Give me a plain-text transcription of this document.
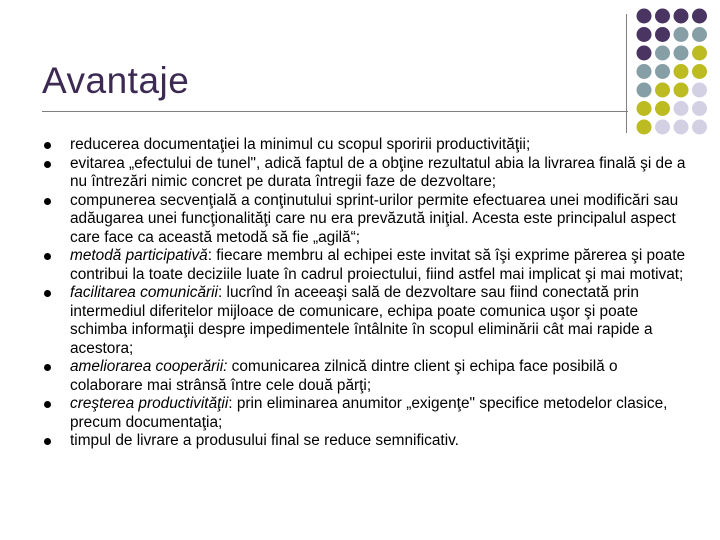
Avantaje
reducerea documentaţiei la minimul cu scopul sporirii productivităţii;
evitarea „efectului de tunel", adică faptul de a obţine rezultatul abia la livrarea finală şi de a nu întrezări nimic concret pe durata întregii faze de dezvoltare;
compunerea secvenţială a conţinutului sprint-urilor permite efectuarea unei modificări sau adăugarea unei funcţionalităţi care nu era prevăzută iniţial. Acesta este principalul aspect care face ca această metodă să fie „agilă“;
metodă participativă: fiecare membru al echipei este invitat să îşi exprime părerea şi poate contribui la toate deciziile luate în cadrul proiectului, fiind astfel mai implicat şi mai motivat;
facilitarea comunicării: lucrînd în aceeaşi sală de dezvoltare sau fiind conectată prin intermediul diferitelor mijloace de comunicare, echipa poate comunica uşor şi poate schimba informaţii despre impedimentele întâlnite în scopul eliminării cât mai rapide a acestora;
ameliorarea cooperării: comunicarea zilnică dintre client şi echipa face posibilă o colaborare mai strânsă între cele două părţi;
creşterea productivităţii: prin eliminarea anumitor „exigenţe" specifice metodelor clasice, precum documentaţia;
timpul de livrare a produsului final se reduce semnificativ.
